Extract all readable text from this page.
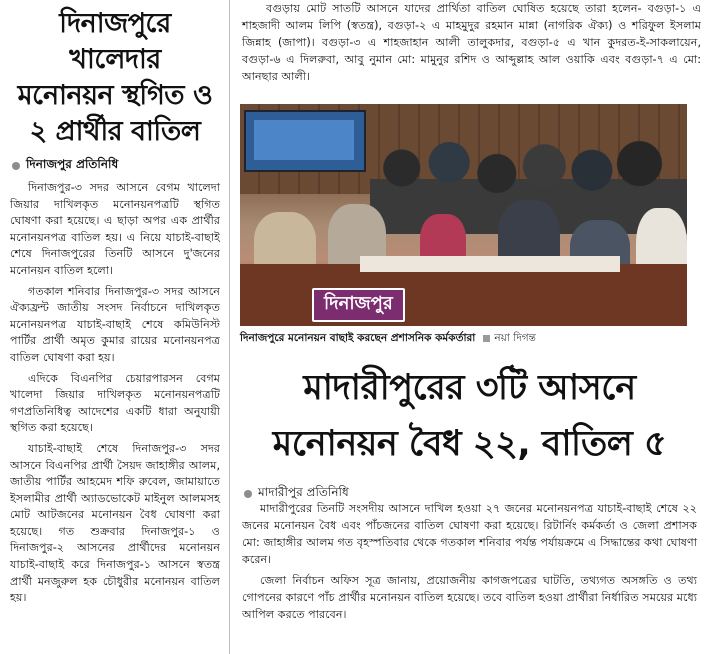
দিনাজপুরে খালেদার
মনোনয়ন স্থগিত ও
২ প্রার্থীর বাতিল
দিনাজপুর প্রতিনিধি

দিনাজপুর-৩ সদর আসনে বেগম খালেদা জিয়ার দাখিলকৃত মনোনয়নপত্রটি স্থগিত ঘোষণা করা হয়েছে। এ ছাড়া অপর এক প্রার্থীর মনোনয়নপত্র বাতিল হয়। এ নিয়ে যাচাই-বাছাই শেষে দিনাজপুরের তিনটি আসনে দু'জনের মনোনয়ন বাতিল হলো।

গতকাল শনিবার দিনাজপুর-৩ সদর আসনে ঐক্যফ্রন্ট জাতীয় সংসদ নির্বাচনে দাখিলকৃত মনোনয়নপত্র যাচাই-বাছাই শেষে কমিউনিস্ট পার্টির প্রার্থী অমৃত কুমার রায়ের মনোনয়নপত্র বাতিল ঘোষণা করা হয়।

এদিকে বিএনপির চেয়ারপারসন বেগম খালেদা জিয়ার দাখিলকৃত মনোনয়নপত্রটি গণপ্রতিনিধিত্ব আদেশের একটি ধারা অনুযায়ী স্থগিত করা হয়েছে।

যাচাই-বাছাই শেষে দিনাজপুর-৩ সদর আসনে বিএনপির প্রার্থী সৈয়দ জাহাঙ্গীর আলম, জাতীয় পার্টির আহমেদ শফি রুবেল, জামায়াতে ইসলামীর প্রার্থী অ্যাডভোকেট মাইনুল আলমসহ মোট আটজনের মনোনয়ন বৈধ ঘোষণা করা হয়েছে। গত শুক্রবার দিনাজপুর-১ ও দিনাজপুর-২ আসনের প্রার্থীদের মনোনয়ন যাচাই-বাছাই করে দিনাজপুর-১ আসনে স্বতন্ত্র প্রার্থী মনজুরুল হক চৌধুরীর মনোনয়ন বাতিল হয়।

বগুড়ায় মোট সাতটি আসনে যাদের প্রার্থিতা বাতিল ঘোষিত হয়েছে তারা হলেন- বগুড়া-১ এ শাহজাদী আলম লিপি (স্বতন্ত্র), বগুড়া-২ এ মাহমুদুর রহমান মান্না (নাগরিক ঐক্য) ও শরিফুল ইসলাম জিন্নাহ (জাপা)। বগুড়া-৩ এ শাহজাহান আলী তালুকদার, বগুড়া-৫ এ খান কুদরত-ই-সাকলায়েন, বগুড়া-৬ এ দিলরুবা, আবু নুমান মো: মামুনুর রশিদ ও আব্দুল্লাহ আল ওয়াকি এবং বগুড়া-৭ এ মো: আনছার আলী।
দিনাজপুর
দিনাজপুরে মনোনয়ন বাছাই করছেন প্রশাসনিক কর্মকর্তারা নয়া দিগন্ত
মাদারীপুরের ৩টি আসনে
মনোনয়ন বৈধ ২২, বাতিল ৫
মাদারীপুর প্রতিনিধি

মাদারীপুরের তিনটি সংসদীয় আসনে দাখিল হওয়া ২৭ জনের মনোনয়নপত্র যাচাই-বাছাই শেষে ২২ জনের মনোনয়ন বৈধ এবং পাঁচজনের বাতিল ঘোষণা করা হয়েছে। রিটার্নিং কর্মকর্তা ও জেলা প্রশাসক মো: জাহাঙ্গীর আলম গত বৃহস্পতিবার থেকে গতকাল শনিবার পর্যন্ত পর্যায়ক্রমে এ সিদ্ধান্তের কথা ঘোষণা করেন।

জেলা নির্বাচন অফিস সূত্র জানায়, প্রয়োজনীয় কাগজপত্রের ঘাটতি, তথ্যগত অসঙ্গতি ও তথ্য গোপনের কারণে পাঁচ প্রার্থীর মনোনয়ন বাতিল হয়েছে। তবে বাতিল হওয়া প্রার্থীরা নির্ধারিত সময়ের মধ্যে আপিল করতে পারবেন।
